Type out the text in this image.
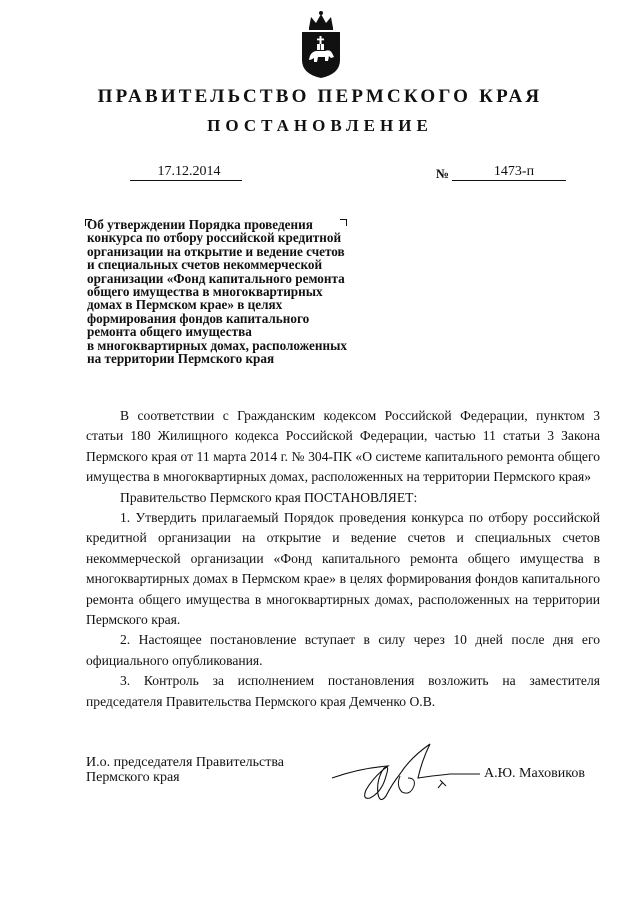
ПРАВИТЕЛЬСТВО ПЕРМСКОГО КРАЯ
ПОСТАНОВЛЕНИЕ
17.12.2014	№	1473-п
Об утверждении Порядка проведения
конкурса по отбору российской кредитной
организации на открытие и ведение счетов
и специальных счетов некоммерческой
организации «Фонд капитального ремонта
общего имущества в многоквартирных
домах в Пермском крае» в целях
формирования фондов капитального
ремонта общего имущества
в многоквартирных домах, расположенных
на территории Пермского края

В соответствии с Гражданским кодексом Российской Федерации, пунктом 3 статьи 180 Жилищного кодекса Российской Федерации, частью 11 статьи 3 Закона Пермского края от 11 марта 2014 г. № 304-ПК «О системе капитального ремонта общего имущества в многоквартирных домах, расположенных на территории Пермского края»

Правительство Пермского края ПОСТАНОВЛЯЕТ:

1. Утвердить прилагаемый Порядок проведения конкурса по отбору российской кредитной организации на открытие и ведение счетов и специальных счетов некоммерческой организации «Фонд капитального ремонта общего имущества в многоквартирных домах в Пермском крае» в целях формирования фондов капитального ремонта общего имущества в многоквартирных домах, расположенных на территории Пермского края.

2. Настоящее постановление вступает в силу через 10 дней после дня его официального опубликования.

3. Контроль за исполнением постановления возложить на заместителя председателя Правительства Пермского края Демченко О.В.

И.о. председателя Правительства
Пермского края	А.Ю. Маховиков
